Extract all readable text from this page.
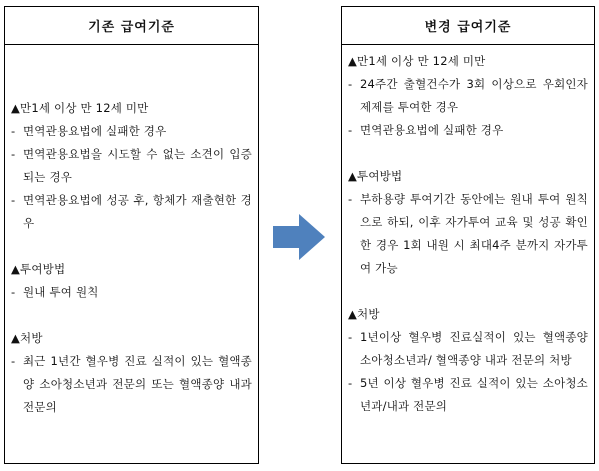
기존 급여기준
▲만1세 이상 만 12세 미만
- 면역관용요법에 실패한 경우
- 면역관용요법을 시도할 수 없는 소견이 입증되는 경우
- 면역관용요법에 성공 후, 항체가 재출현한 경우
▲투여방법
- 원내 투여 원칙
▲처방
- 최근 1년간 혈우병 진료 실적이 있는 혈액종양 소아청소년과 전문의 또는 혈액종양 내과 전문의
변경 급여기준
▲만1세 이상 만 12세 미만
- 24주간 출혈건수가 3회 이상으로 우회인자제제를 투여한 경우
- 면역관용요법에 실패한 경우
▲투여방법
- 부하용량 투여기간 동안에는 원내 투여 원칙으로 하되, 이후 자가투여 교육 및 성공 확인한 경우 1회 내원 시 최대4주 분까지 자가투여 가능
▲처방
- 1년이상 혈우병 진료실적이 있는 혈액종양 소아청소년과/ 혈액종양 내과 전문의 처방
- 5년 이상 혈우병 진료 실적이 있는 소아청소년과/내과 전문의
